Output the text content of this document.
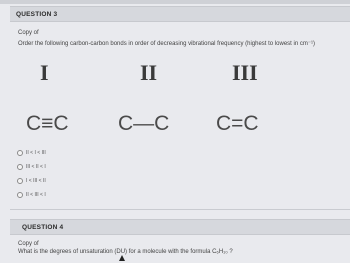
QUESTION 3
Copy of
Order the following carbon-carbon bonds in order of decreasing vibrational frequency (highest to lowest in cm⁻¹)
I	II	III
C≡C C—C C=C
II < I < III
III < II < I
I < III < II
II < III < I
QUESTION 4
Copy of
What is the degrees of unsaturation (DU) for a molecule with the formula C₆H₁₀ ?
